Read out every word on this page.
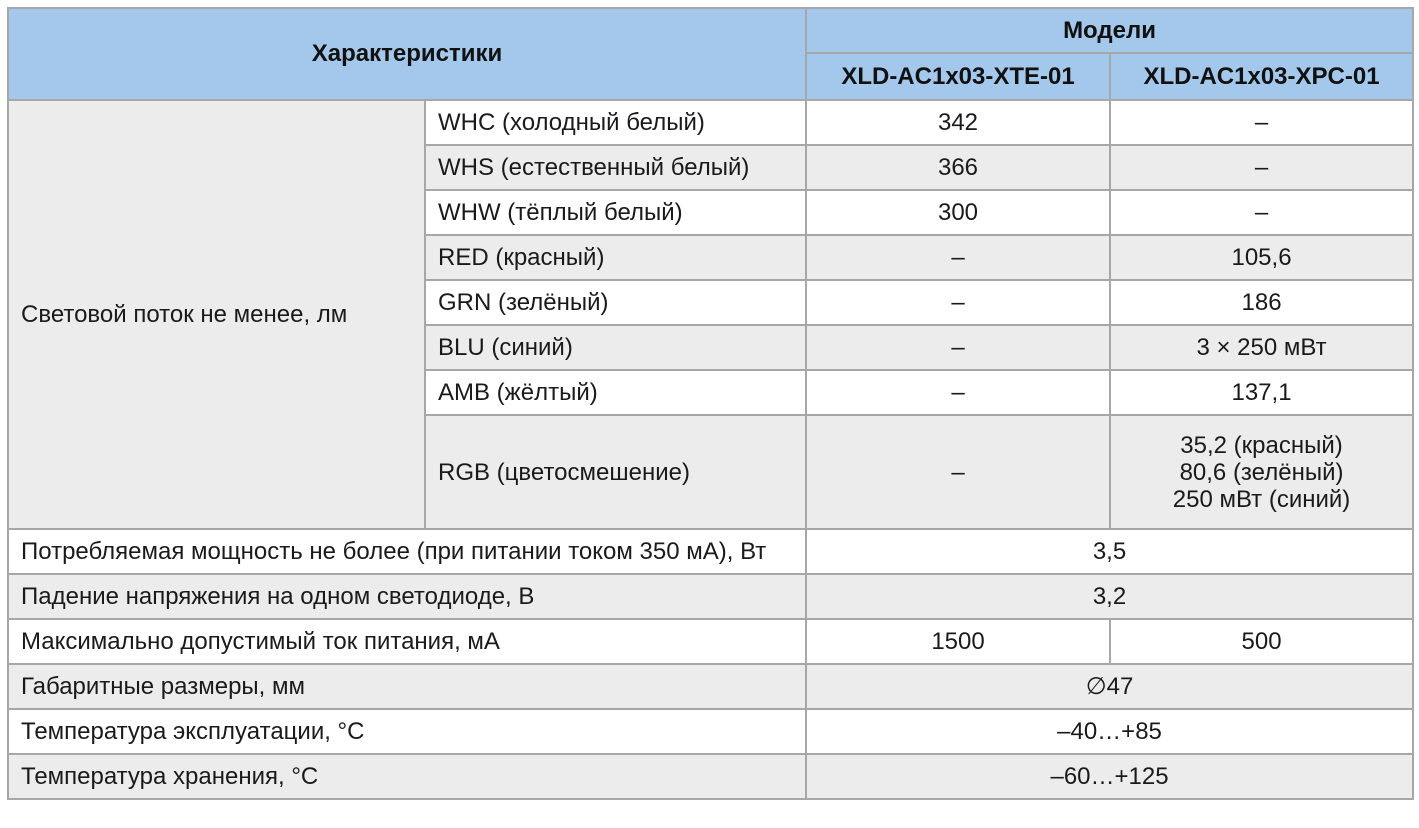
Характеристики		Модели	
		XLD-AC1x03-XTE-01	XLD-AC1x03-XPC-01
Световой поток не менее, лм	WHC (холодный белый)	342	–
	WHS (естественный белый)	366	–
	WHW (тёплый белый)	300	–
	RED (красный)	–	105,6
	GRN (зелёный)	–	186
	BLU (синий)	–	3 × 250 мВт
	AMB (жёлтый)	–	137,1
	RGB (цветосмешение)	–	35,2 (красный)
80,6 (зелёный)
250 мВт (синий)

Потребляемая мощность не более (при питании током 350 мА), Вт		3,5	
Падение напряжения на одном светодиоде, В		3,2	
Максимально допустимый ток питания, мА		1500	500
Габаритные размеры, мм		∅47	
Температура эксплуатации, °С		–40…+85	
Температура хранения, °С		–60…+125	
